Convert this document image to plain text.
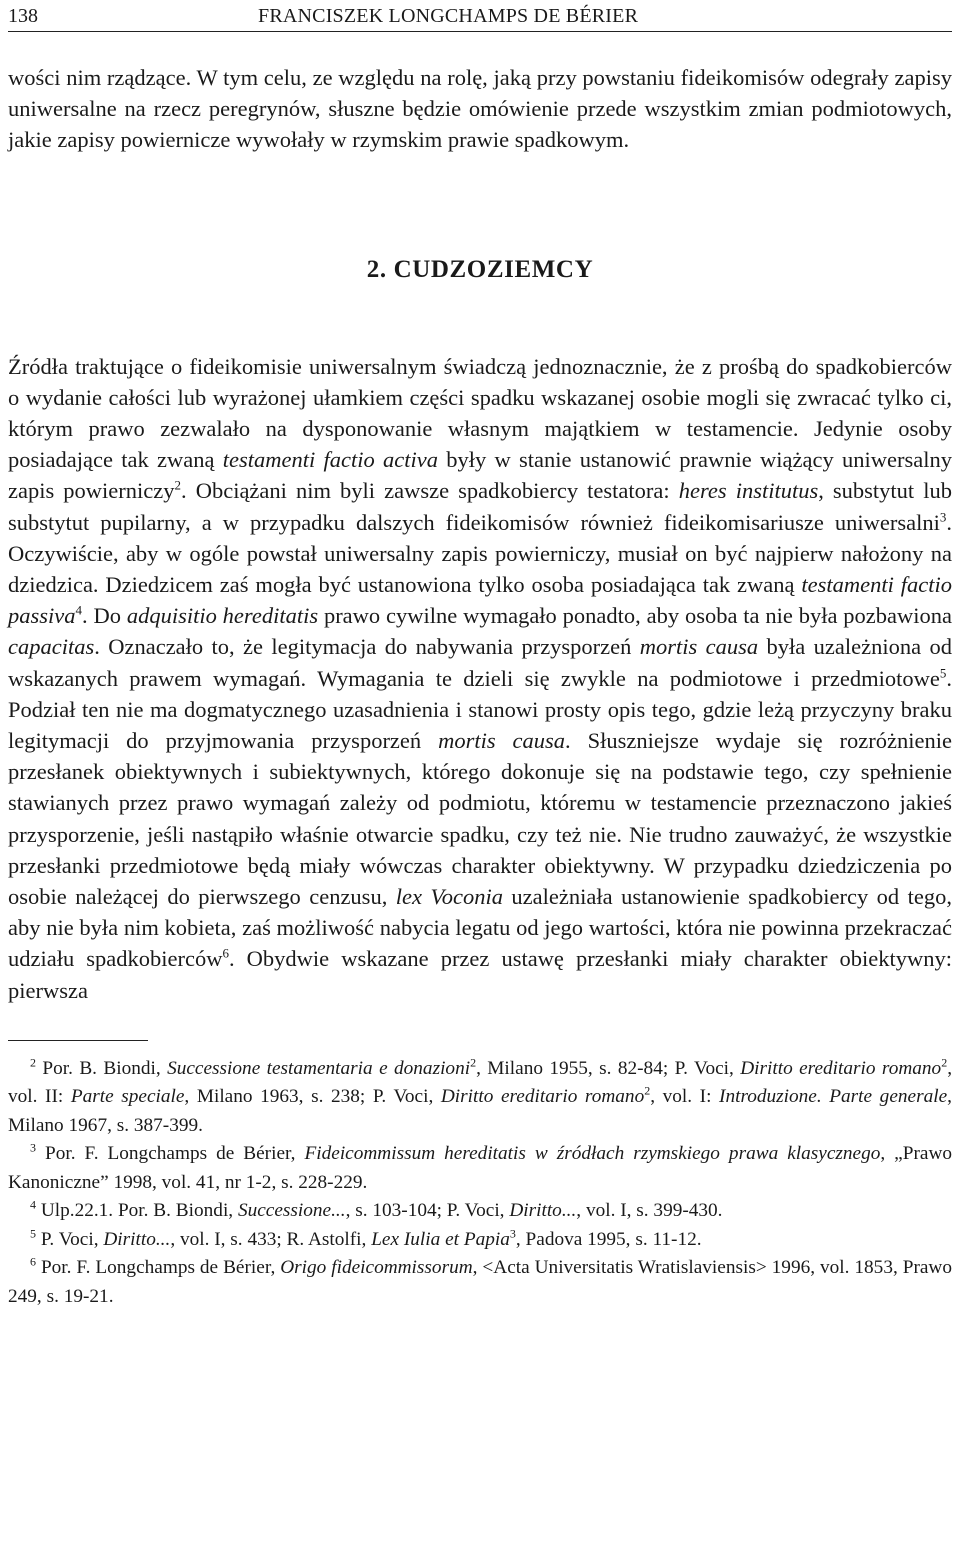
138	FRANCISZEK LONGCHAMPS DE BÉRIER

wości nim rządzące. W tym celu, ze względu na rolę, jaką przy powstaniu fideikomisów odegrały zapisy uniwersalne na rzecz peregrynów, słuszne będzie omówienie przede wszystkim zmian podmiotowych, jakie zapisy powiernicze wywołały w rzymskim prawie spadkowym.

2. CUDZOZIEMCY

Źródła traktujące o fideikomisie uniwersalnym świadczą jednoznacznie, że z prośbą do spadkobierców o wydanie całości lub wyrażonej ułamkiem części spadku wskazanej osobie mogli się zwracać tylko ci, którym prawo zezwalało na dysponowanie własnym majątkiem w testamencie. Jedynie osoby posiadające tak zwaną testamenti factio activa były w stanie ustanowić prawnie wiążący uniwersalny zapis powierniczy$^2$. Obciążani nim byli zawsze spadkobiercy testatora: heres institutus, substytut lub substytut pupilarny, a w przypadku dalszych fideikomisów również fideikomisariusze uniwersalni$^3$. Oczywiście, aby w ogóle powstał uniwersalny zapis powierniczy, musiał on być najpierw nałożony na dziedzica. Dziedzicem zaś mogła być ustanowiona tylko osoba posiadająca tak zwaną testamenti factio passiva$^4$. Do adquisitio hereditatis prawo cywilne wymagało ponadto, aby osoba ta nie była pozbawiona capacitas. Oznaczało to, że legitymacja do nabywania przysporzeń mortis causa była uzależniona od wskazanych prawem wymagań. Wymagania te dzieli się zwykle na podmiotowe i przedmiotowe$^5$. Podział ten nie ma dogmatycznego uzasadnienia i stanowi prosty opis tego, gdzie leżą przyczyny braku legitymacji do przyjmowania przysporzeń mortis causa. Słuszniejsze wydaje się rozróżnienie przesłanek obiektywnych i subiektywnych, którego dokonuje się na podstawie tego, czy spełnienie stawianych przez prawo wymagań zależy od podmiotu, któremu w testamencie przeznaczono jakieś przysporzenie, jeśli nastąpiło właśnie otwarcie spadku, czy też nie. Nie trudno zauważyć, że wszystkie przesłanki przedmiotowe będą miały wówczas charakter obiektywny. W przypadku dziedziczenia po osobie należącej do pierwszego cenzusu, lex Voconia uzależniała ustanowienie spadkobiercy od tego, aby nie była nim kobieta, zaś możliwość nabycia legatu od jego wartości, która nie powinna przekraczać udziału spadkobierców$^6$. Obydwie wskazane przez ustawę przesłanki miały charakter obiektywny: pierwsza

$^2$ Por. B. Biondi, Successione testamentaria e donazioni$^2$, Milano 1955, s. 82-84; P. Voci, Diritto ereditario romano$^2$, vol. II: Parte speciale, Milano 1963, s. 238; P. Voci, Diritto ereditario romano$^2$, vol. I: Introduzione. Parte generale, Milano 1967, s. 387-399.

$^3$ Por. F. Longchamps de Bérier, Fideicommissum hereditatis w źródłach rzymskiego prawa klasycznego, „Prawo Kanoniczne” 1998, vol. 41, nr 1-2, s. 228-229.

$^4$ Ulp.22.1. Por. B. Biondi, Successione..., s. 103-104; P. Voci, Diritto..., vol. I, s. 399-430.

$^5$ P. Voci, Diritto..., vol. I, s. 433; R. Astolfi, Lex Iulia et Papia$^3$, Padova 1995, s. 11-12.

$^6$ Por. F. Longchamps de Bérier, Origo fideicommissorum, <Acta Universitatis Wratislaviensis> 1996, vol. 1853, Prawo 249, s. 19-21.
